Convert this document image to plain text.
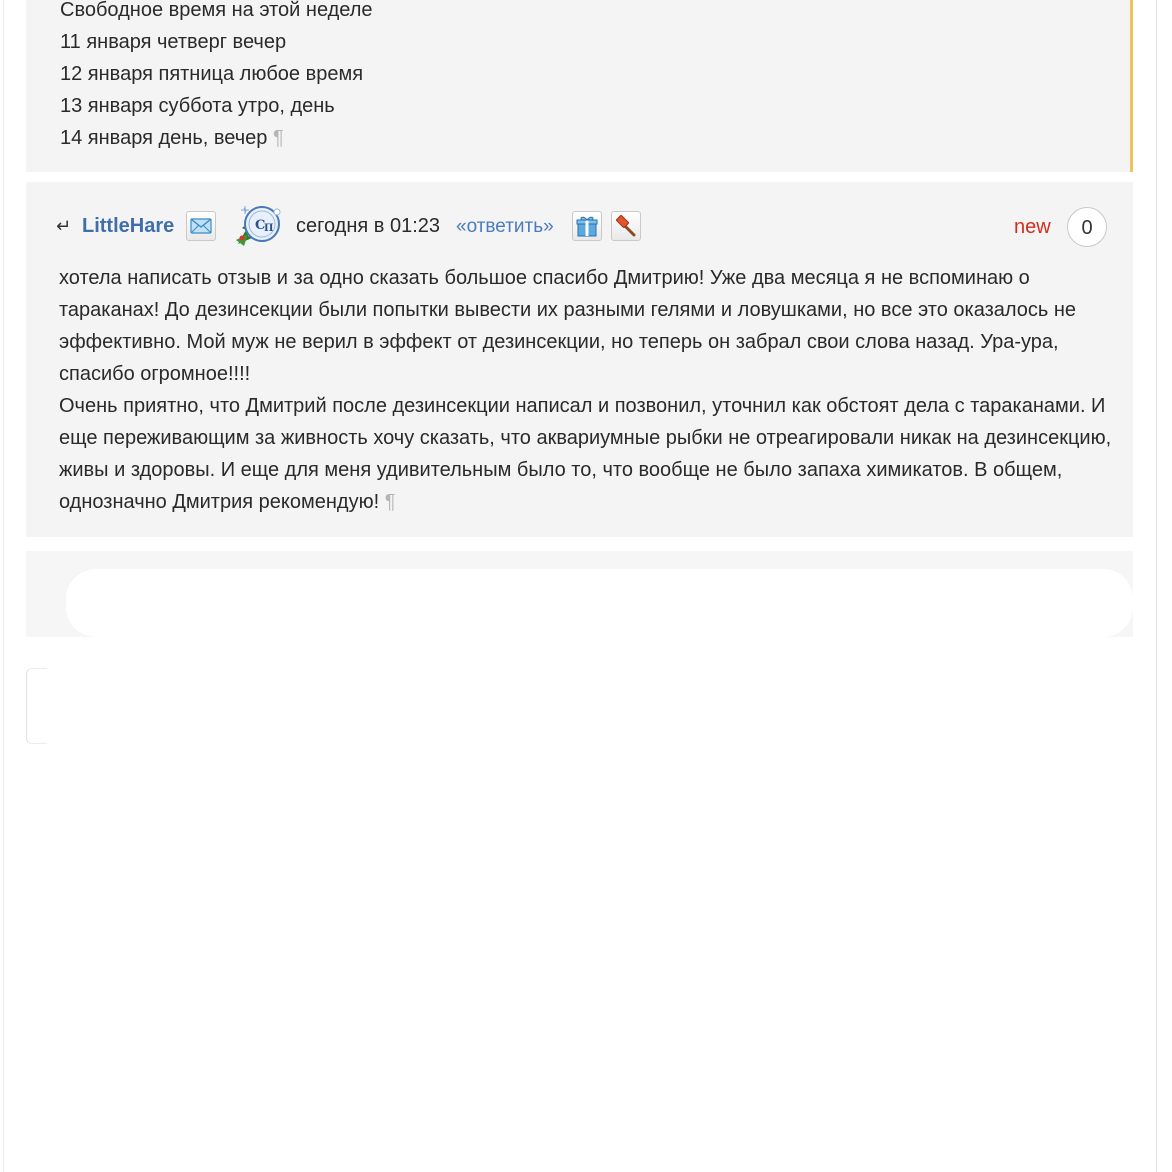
Свободное время на этой неделе
11 января четверг вечер
12 января пятница любое время
13 января суббота утро, день
14 января день, вечер ¶
↵ LittleHare	С
П сегодня в 01:23 «ответить»	new	0

хотела написать отзыв и за одно сказать большое спасибо Дмитрию! Уже два месяца я не вспоминаю о тараканах! До дезинсекции были попытки вывести их разными гелями и ловушками, но все это оказалось не эффективно. Мой муж не верил в эффект от дезинсекции, но теперь он забрал свои слова назад. Ура-ура, спасибо огромное!!!!

Очень приятно, что Дмитрий после дезинсекции написал и позвонил, уточнил как обстоят дела с тараканами. И еще переживающим за живность хочу сказать, что аквариумные рыбки не отреагировали никак на дезинсекцию, живы и здоровы. И еще для меня удивительным было то, что вообще не было запаха химикатов. В общем, однозначно Дмитрия рекомендую! ¶
